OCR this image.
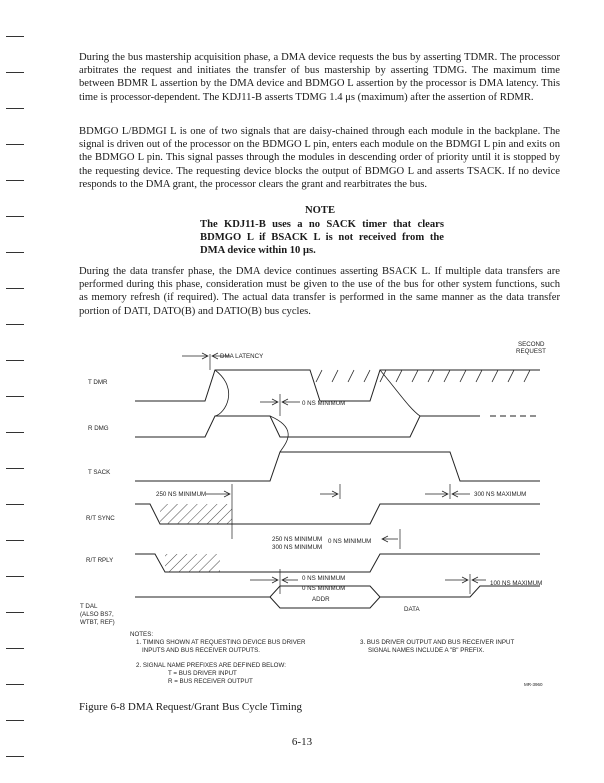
During the bus mastership acquisition phase, a DMA device requests the bus by asserting TDMR. The processor arbitrates the request and initiates the transfer of bus mastership by asserting TDMG. The maximum time between BDMR L assertion by the DMA device and BDMGO L assertion by the processor is DMA latency. This time is processor-dependent. The KDJ11-B asserts TDMG 1.4 μs (maximum) after the assertion of RDMR.

BDMGO L/BDMGI L is one of two signals that are daisy-chained through each module in the backplane. The signal is driven out of the processor on the BDMGO L pin, enters each module on the BDMGI L pin and exits on the BDMGO L pin. This signal passes through the modules in descending order of priority until it is stopped by the requesting device. The requesting device blocks the output of BDMGO L and asserts TSACK. If no device responds to the DMA grant, the processor clears the grant and rearbitrates the bus.

NOTE

The KDJ11-B uses a no SACK timer that clears BDMGO L if BSACK L is not received from the DMA device within 10 μs.

During the data transfer phase, the DMA device continues asserting BSACK L. If multiple data transfers are performed during this phase, consideration must be given to the use of the bus for other system functions, such as memory refresh (if required). The actual data transfer is performed in the same manner as the data transfer portion of DATI, DATO(B) and DATIO(B) bus cycles.

T DMR
R DMG
T SACK
R/T SYNC
R/T RPLY
T DAL
(ALSO BS7,
WTBT, REF)
DMA LATENCY
SECOND
REQUEST
0 NS MINIMUM
250 NS MINIMUM	300 NS MAXIMUM
250 NS MINIMUM
300 NS MINIMUM
0 NS MINIMUM
0 NS MINIMUM
0 NS MINIMUM
100 NS MAXIMUM
ADDR
DATA
NOTES:
1. TIMING SHOWN AT REQUESTING DEVICE BUS DRIVER
INPUTS AND BUS RECEIVER OUTPUTS.
2. SIGNAL NAME PREFIXES ARE DEFINED BELOW:
T = BUS DRIVER INPUT
R = BUS RECEIVER OUTPUT
3. BUS DRIVER OUTPUT AND BUS RECEIVER INPUT
SIGNAL NAMES INCLUDE A "B" PREFIX.
MR-3960
Figure 6-8 DMA Request/Grant Bus Cycle Timing
6-13
